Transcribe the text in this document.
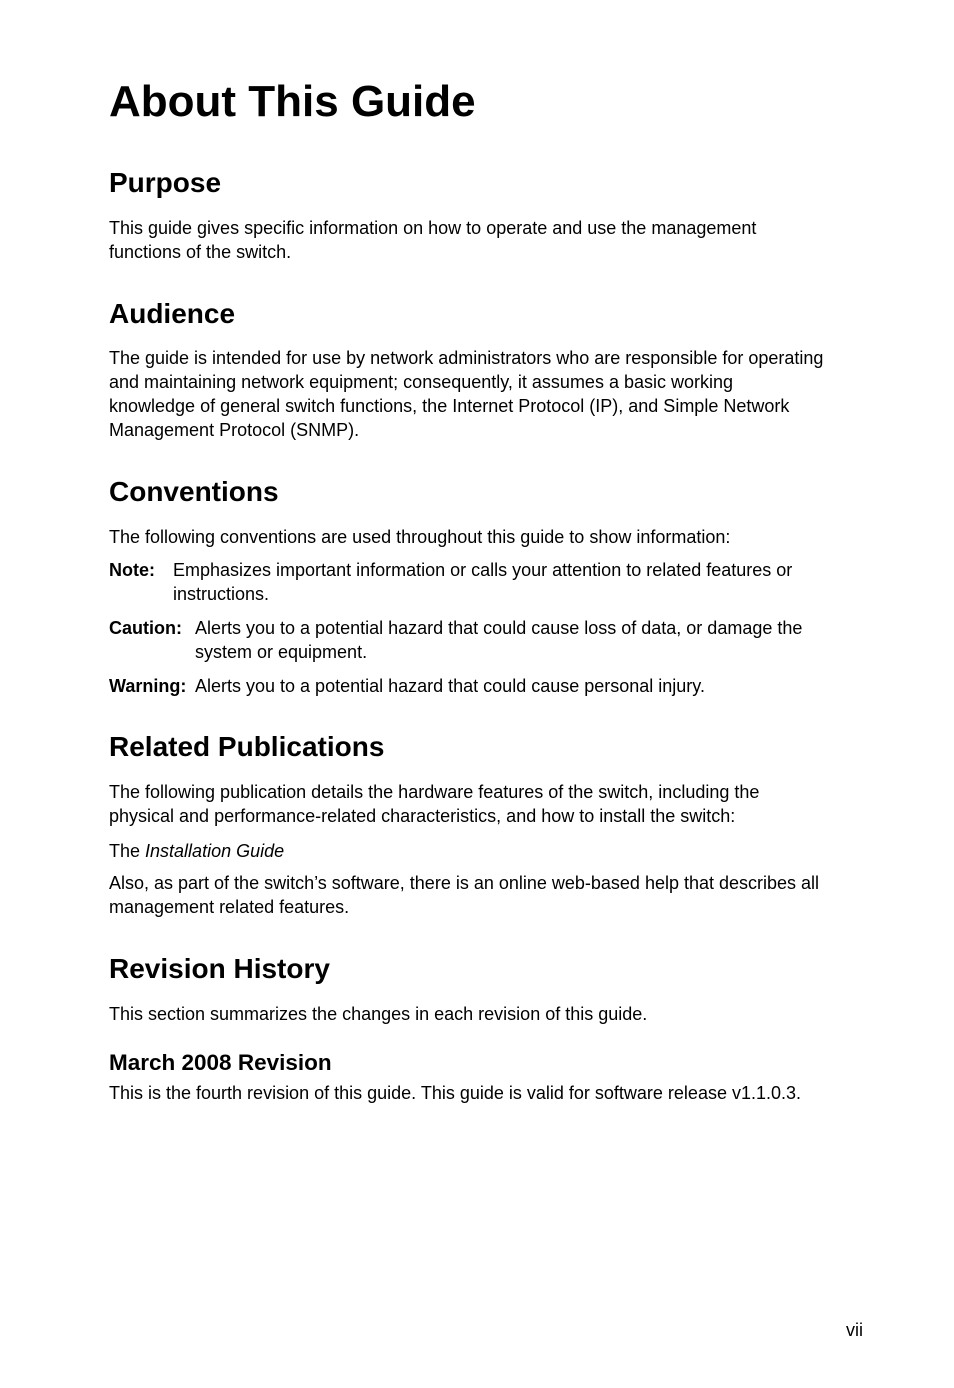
About This Guide
Purpose

This guide gives specific information on how to operate and use the management

functions of the switch.

Audience

The guide is intended for use by network administrators who are responsible for operating

and maintaining network equipment; consequently, it assumes a basic working

knowledge of general switch functions, the Internet Protocol (IP), and Simple Network

Management Protocol (SNMP).

Conventions

The following conventions are used throughout this guide to show information:

Note: Emphasizes important information or calls your attention to related features or
instructions.
Caution: Alerts you to a potential hazard that could cause loss of data, or damage the
system or equipment.
Warning: Alerts you to a potential hazard that could cause personal injury.
Related Publications

The following publication details the hardware features of the switch, including the

physical and performance-related characteristics, and how to install the switch:

The Installation Guide

Also, as part of the switch’s software, there is an online web-based help that describes all

management related features.

Revision History

This section summarizes the changes in each revision of this guide.

March 2008 Revision

This is the fourth revision of this guide. This guide is valid for software release v1.1.0.3.

vii
